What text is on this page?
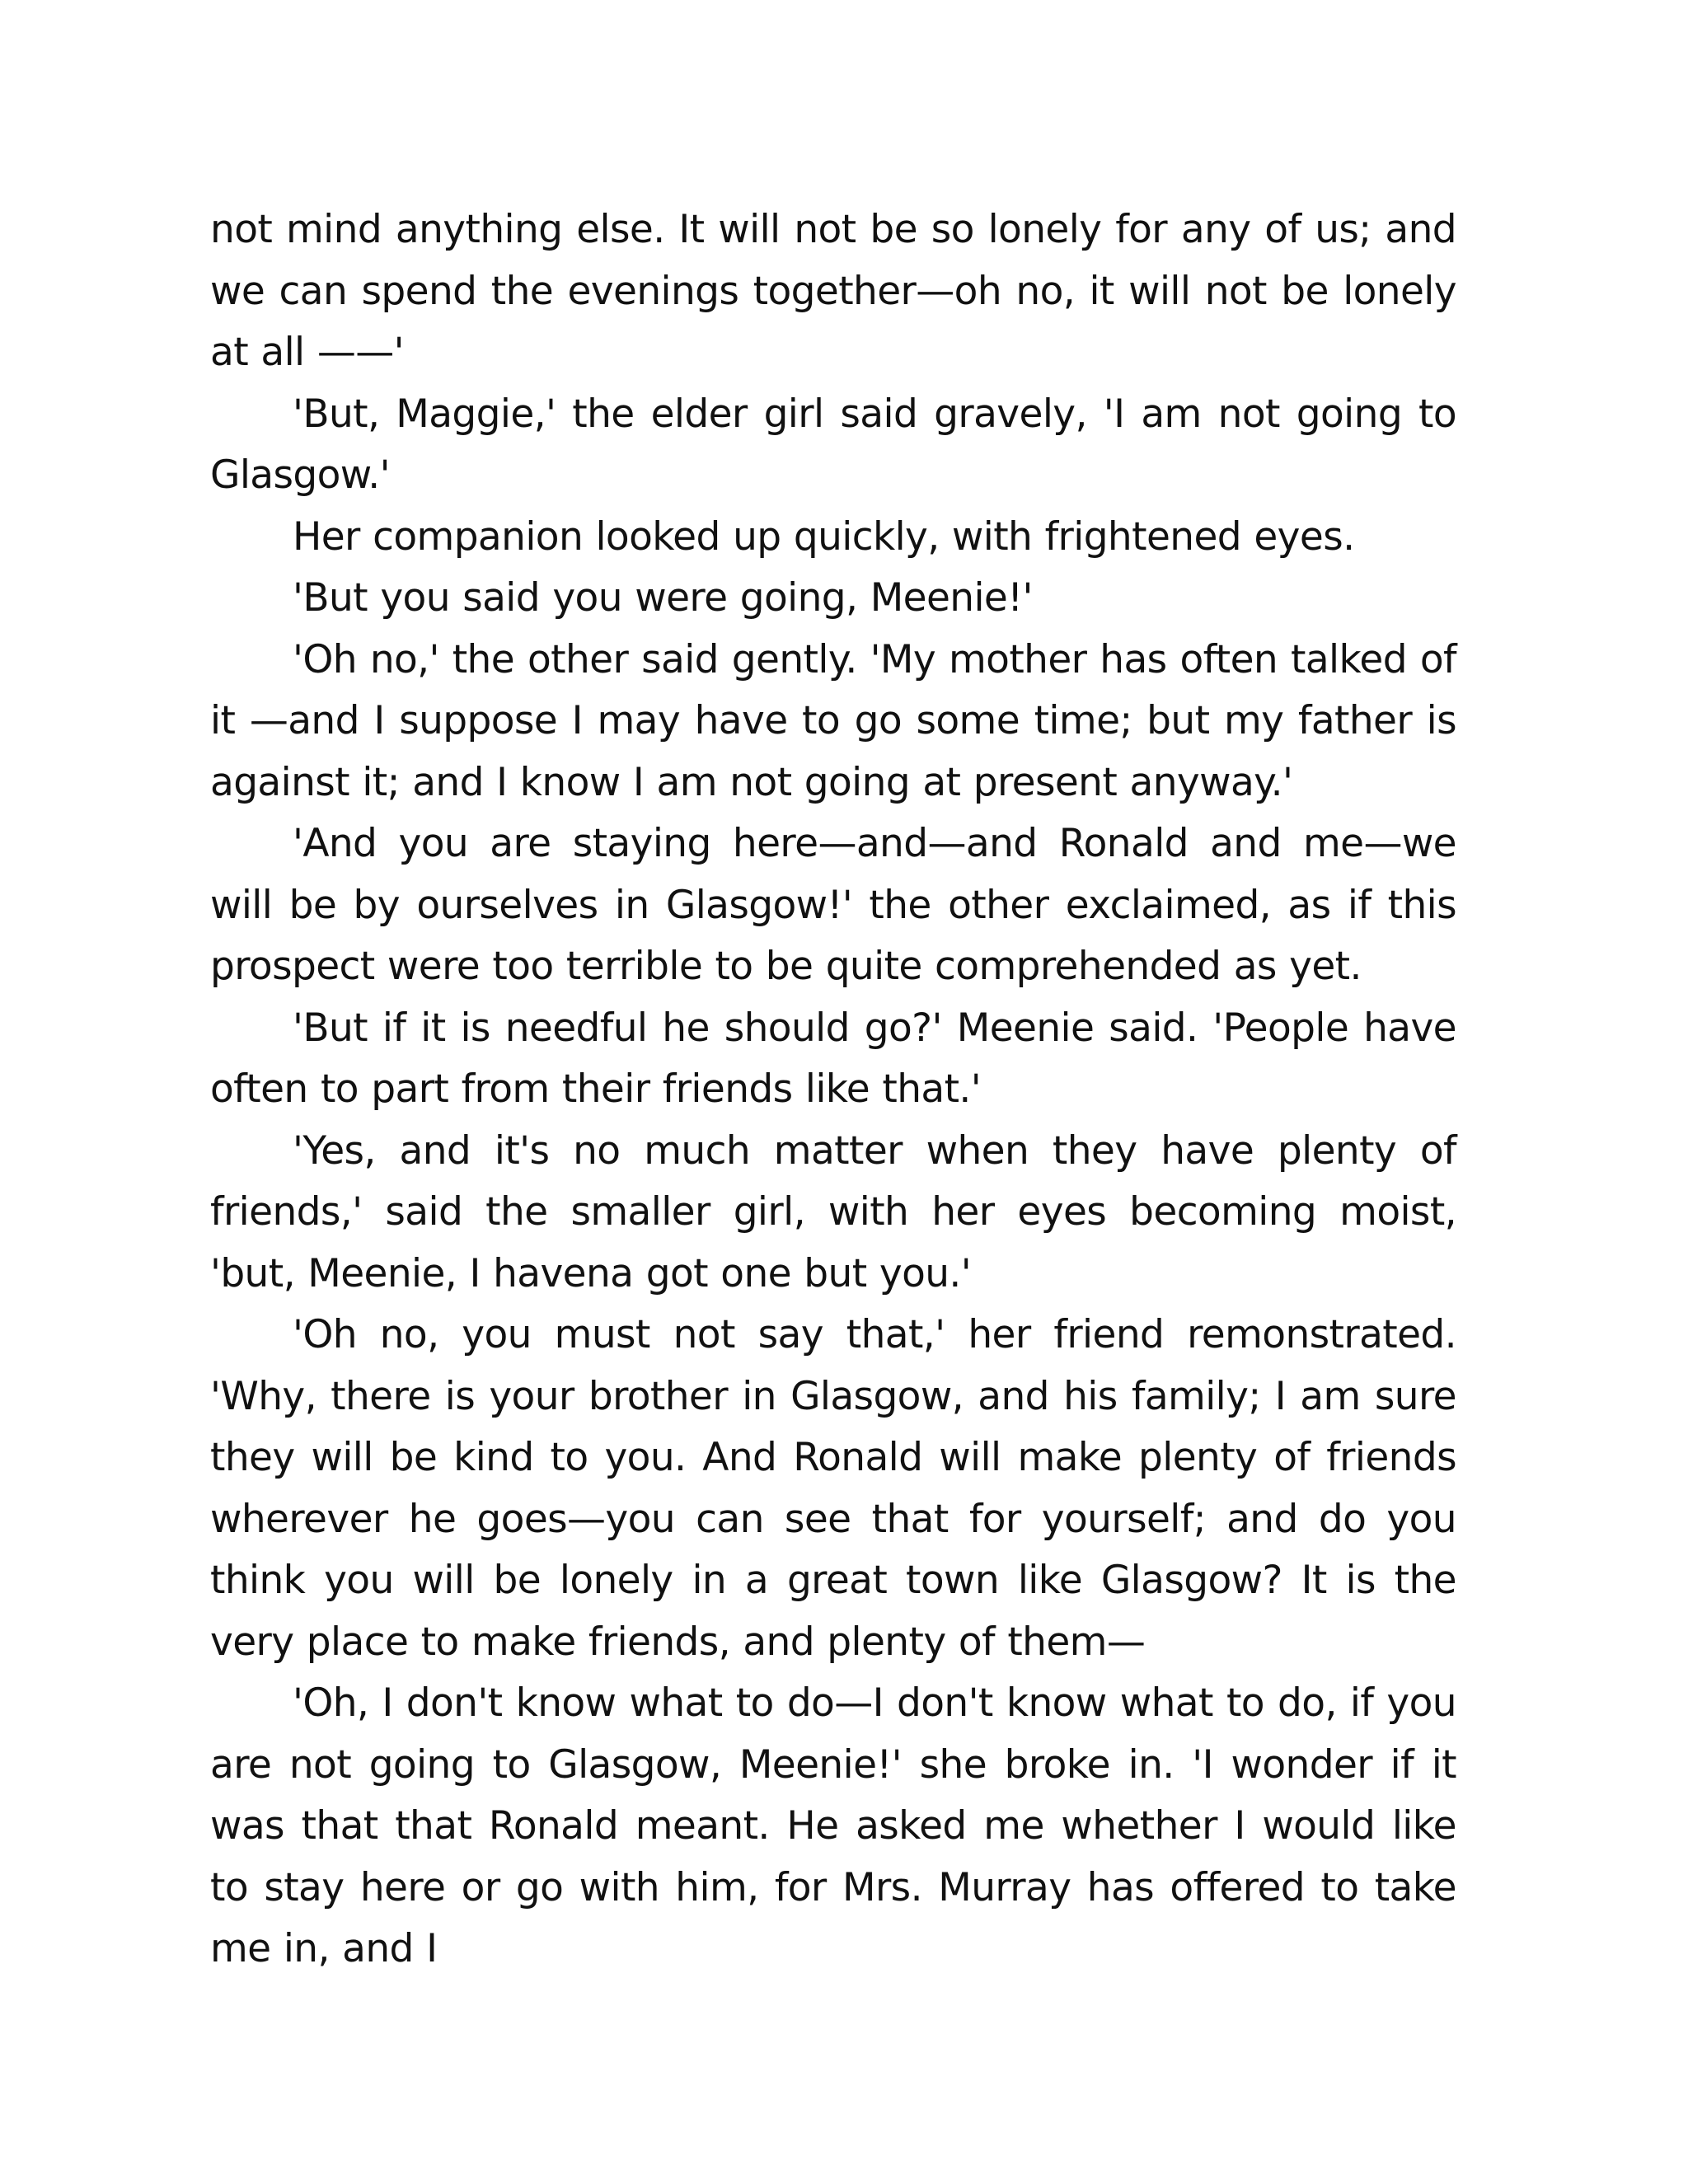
not mind anything else. It will not be so lonely for any of us; and we can spend the evenings together—oh no, it will not be lonely at all ——'

'But, Maggie,' the elder girl said gravely, 'I am not going to Glasgow.'

Her companion looked up quickly, with frightened eyes.

'But you said you were going, Meenie!'

'Oh no,' the other said gently. 'My mother has often talked of it —and I suppose I may have to go some time; but my father is against it; and I know I am not going at present anyway.'

'And you are staying here—and—and Ronald and me—we will be by ourselves in Glasgow!' the other exclaimed, as if this prospect were too terrible to be quite comprehended as yet.

'But if it is needful he should go?' Meenie said. 'People have often to part from their friends like that.'

'Yes, and it's no much matter when they have plenty of friends,' said the smaller girl, with her eyes becoming moist, 'but, Meenie, I havena got one but you.'

'Oh no, you must not say that,' her friend remonstrated. 'Why, there is your brother in Glasgow, and his family; I am sure they will be kind to you. And Ronald will make plenty of friends wherever he goes—you can see that for yourself; and do you think you will be lonely in a great town like Glasgow? It is the very place to make friends, and plenty of them—

'Oh, I don't know what to do—I don't know what to do, if you are not going to Glasgow, Meenie!' she broke in. 'I wonder if it was that that Ronald meant. He asked me whether I would like to stay here or go with him, for Mrs. Murray has offered to take me in, and I
